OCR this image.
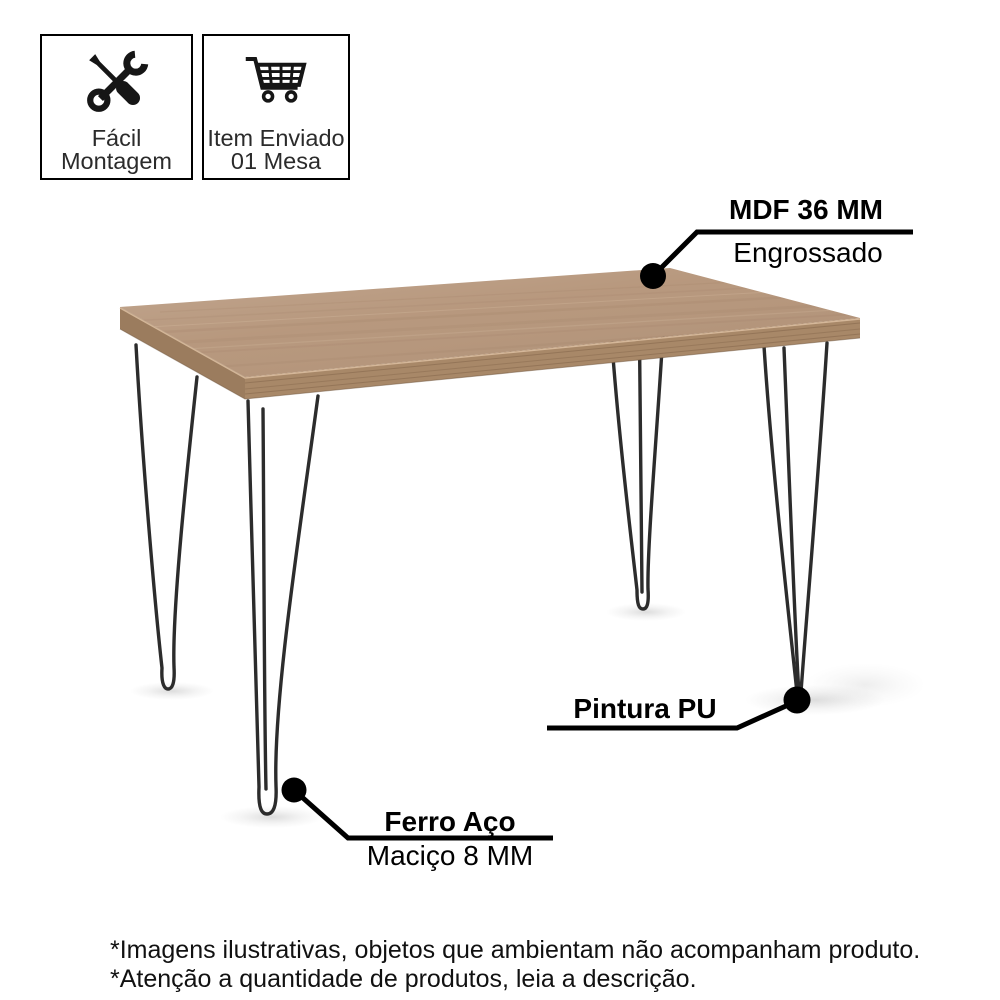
Fácil
Montagem
Item Enviado
01 Mesa
MDF 36 MM
Engrossado
Pintura PU
Ferro Aço
Maciço 8 MM
*Imagens ilustrativas, objetos que ambientam não acompanham produto.
*Atenção a quantidade de produtos, leia a descrição.
